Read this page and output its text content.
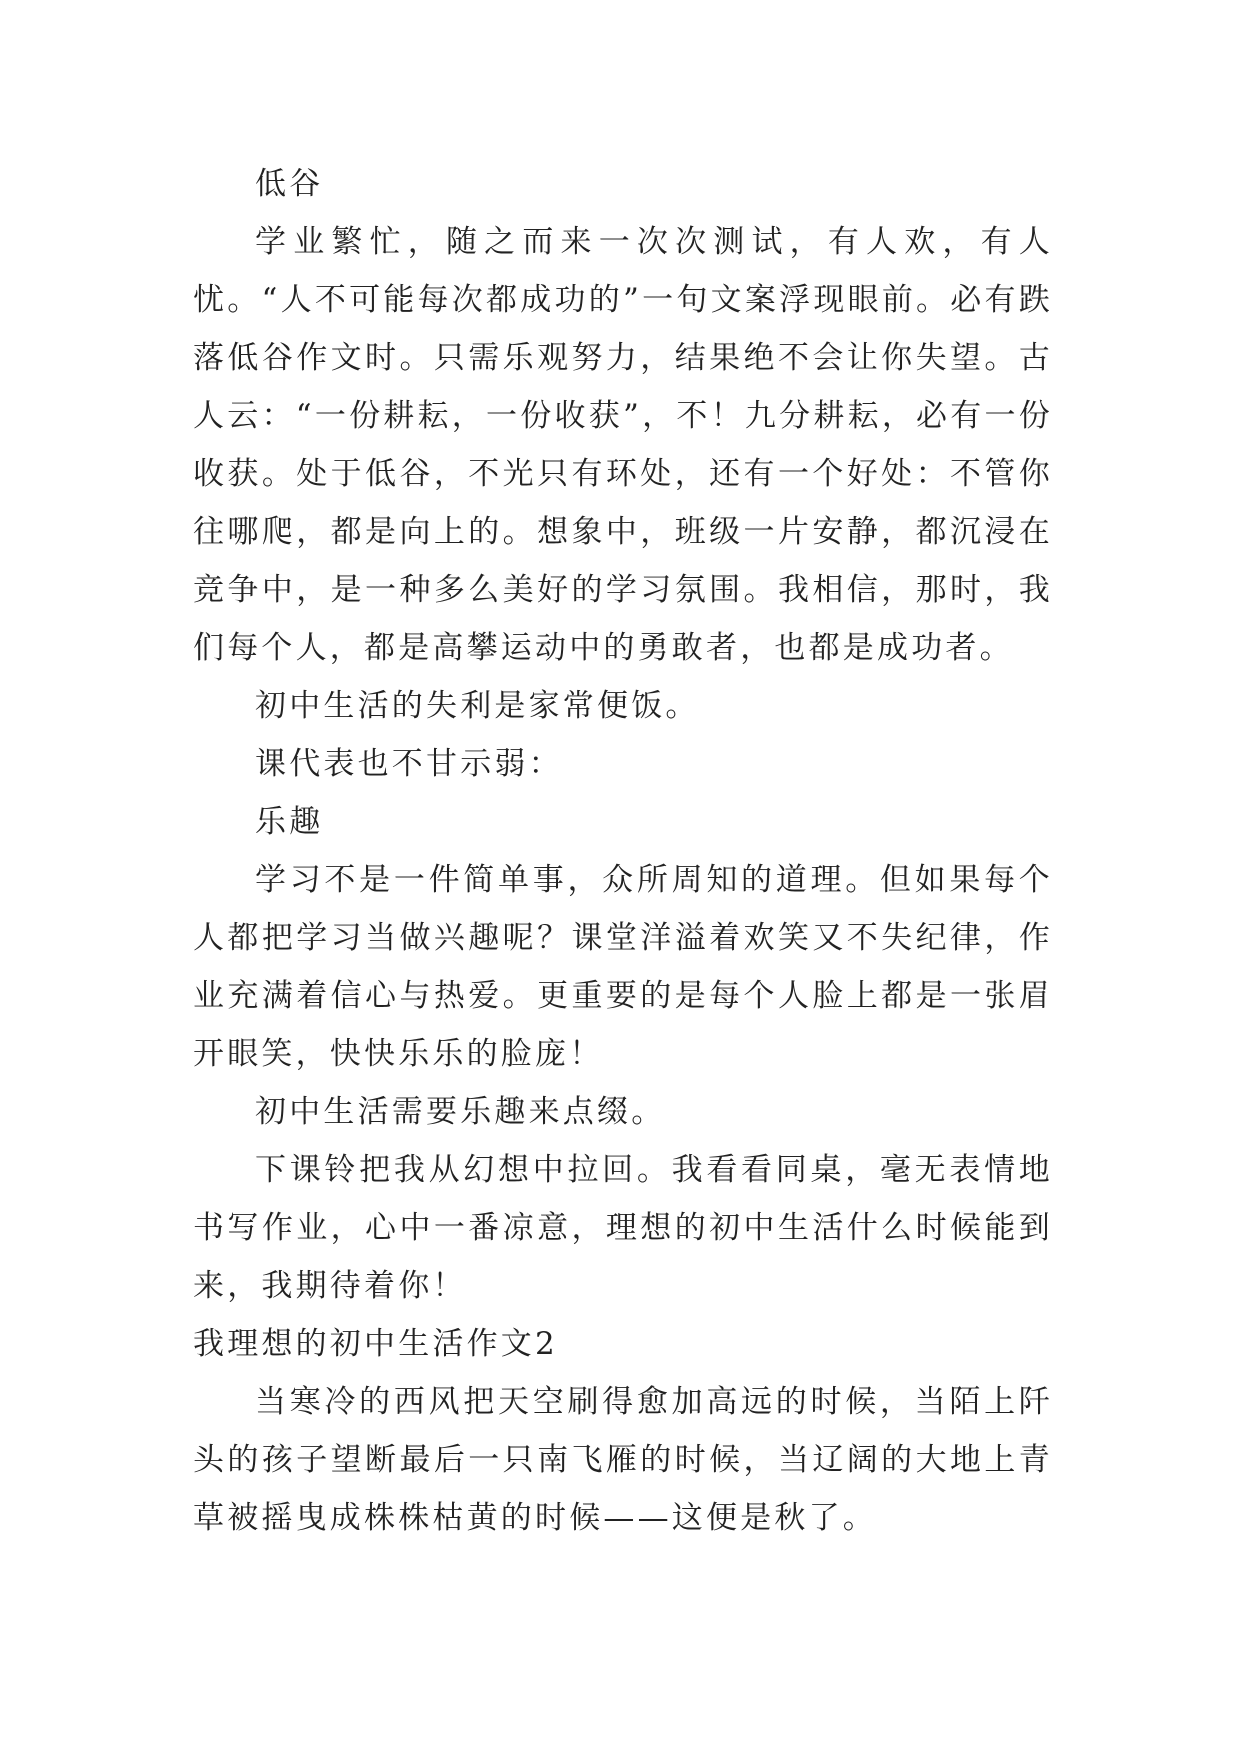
低谷

学业繁忙，随之而来一次次测试，有人欢，有人忧。“人不可能每次都成功的”一句文案浮现眼前。必有跌落低谷作文时。只需乐观努力，结果绝不会让你失望。古人云：“一份耕耘，一份收获”，不！九分耕耘，必有一份收获。处于低谷，不光只有环处，还有一个好处：不管你往哪爬，都是向上的。想象中，班级一片安静，都沉浸在竞争中，是一种多么美好的学习氛围。我相信，那时，我们每个人，都是高攀运动中的勇敢者，也都是成功者。

初中生活的失利是家常便饭。

课代表也不甘示弱：

乐趣

学习不是一件简单事，众所周知的道理。但如果每个人都把学习当做兴趣呢？课堂洋溢着欢笑又不失纪律，作业充满着信心与热爱。更重要的是每个人脸上都是一张眉开眼笑，快快乐乐的脸庞！

初中生活需要乐趣来点缀。

下课铃把我从幻想中拉回。我看看同桌，毫无表情地书写作业，心中一番凉意，理想的初中生活什么时候能到来，我期待着你！

我理想的初中生活作文2

当寒冷的西风把天空刷得愈加高远的时候，当陌上阡头的孩子望断最后一只南飞雁的时候，当辽阔的大地上青草被摇曳成株株枯黄的时候——这便是秋了。
